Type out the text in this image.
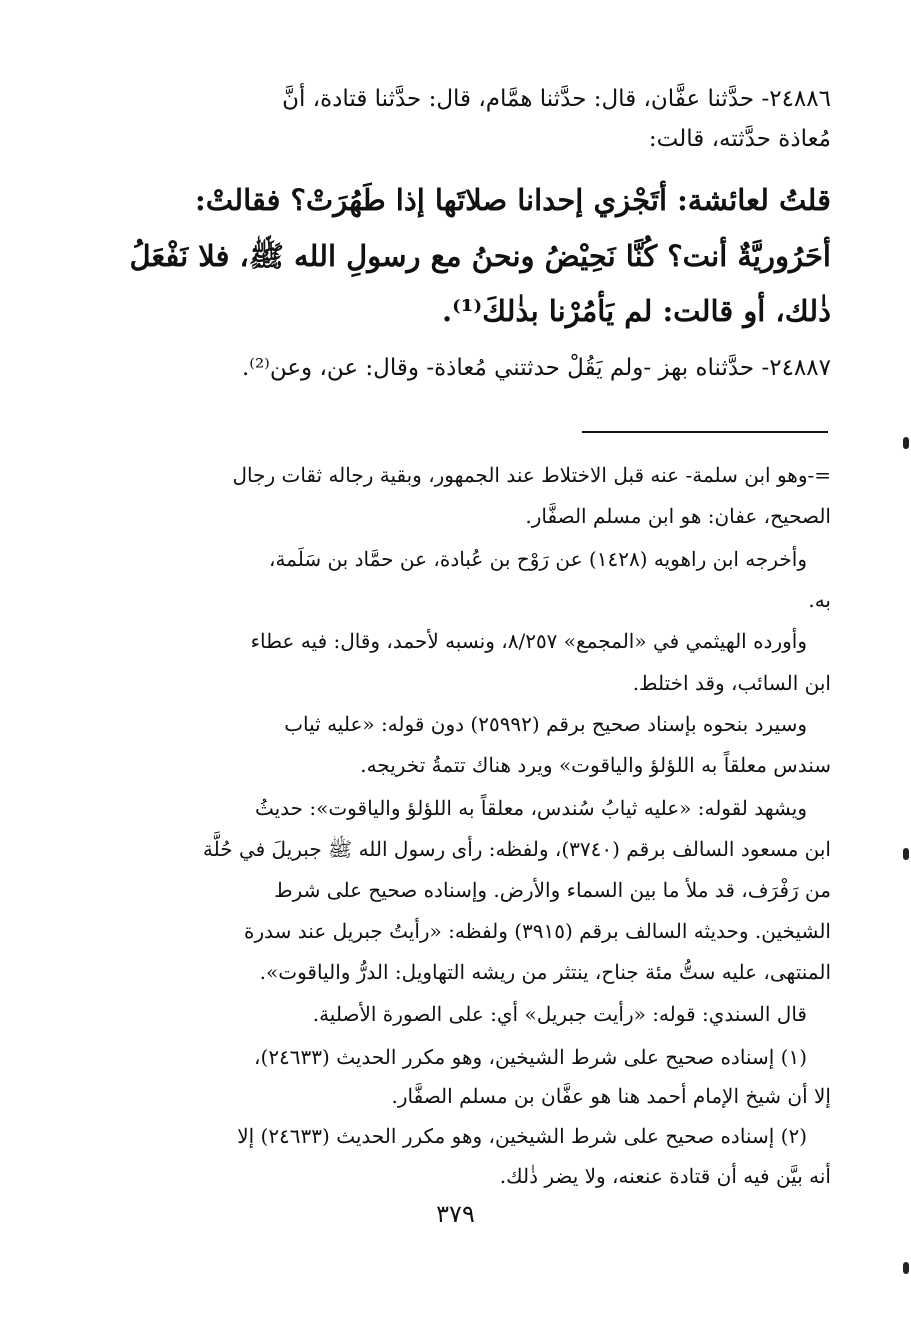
٢٤٨٨٦- حدَّثنا عفَّان، قال: حدَّثنا همَّام، قال: حدَّثنا قتادة، أنَّ
مُعاذة حدَّثته، قالت:
قلتُ لعائشة: أتَجْزي إحدانا صلاتَها إذا طَهُرَتْ؟ فقالتْ:
أحَرُوريَّةٌ أنت؟ كُنَّا نَحِيْضُ ونحنُ مع رسولِ الله ﷺ، فلا نَفْعَلُ
ذٰلك، أو قالت: لم يَأمُرْنا بذٰلكَ⁽¹⁾.
٢٤٨٨٧- حدَّثناه بهز -ولم يَقُلْ حدثتني مُعاذة- وقال: عن، وعن⁽²⁾.
=-وهو ابن سلمة- عنه قبل الاختلاط عند الجمهور، وبقية رجاله ثقات رجال
الصحيح، عفان: هو ابن مسلم الصفَّار.
وأخرجه ابن راهويه (١٤٢٨) عن رَوْح بن عُبادة، عن حمَّاد بن سَلَمة،
به.
وأورده الهيثمي في «المجمع» ٨/٢٥٧، ونسبه لأحمد، وقال: فيه عطاء
ابن السائب، وقد اختلط.
وسيرد بنحوه بإسناد صحيح برقم (٢٥٩٩٢) دون قوله: «عليه ثياب
سندس معلقاً به اللؤلؤ والياقوت» ويرد هناك تتمةُ تخريجه.
ويشهد لقوله: «عليه ثيابُ سُندس، معلقاً به اللؤلؤ والياقوت»: حديثُ
ابن مسعود السالف برقم (٣٧٤٠)، ولفظه: رأى رسول الله ﷺ جبريلَ في حُلَّة
من رَفْرَف، قد ملأ ما بين السماء والأرض. وإسناده صحيح على شرط
الشيخين. وحديثه السالف برقم (٣٩١٥) ولفظه: «رأيتُ جبريل عند سدرة
المنتهى، عليه ستُّ مئة جناح، ينتثر من ريشه التهاويل: الدرُّ والياقوت».
قال السندي: قوله: «رأيت جبريل» أي: على الصورة الأصلية.
(١) إسناده صحيح على شرط الشيخين، وهو مكرر الحديث (٢٤٦٣٣)،
إلا أن شيخ الإمام أحمد هنا هو عفَّان بن مسلم الصفَّار.
(٢) إسناده صحيح على شرط الشيخين، وهو مكرر الحديث (٢٤٦٣٣) إلا
أنه بيَّن فيه أن قتادة عنعنه، ولا يضر ذٰلك.
٣٧٩
